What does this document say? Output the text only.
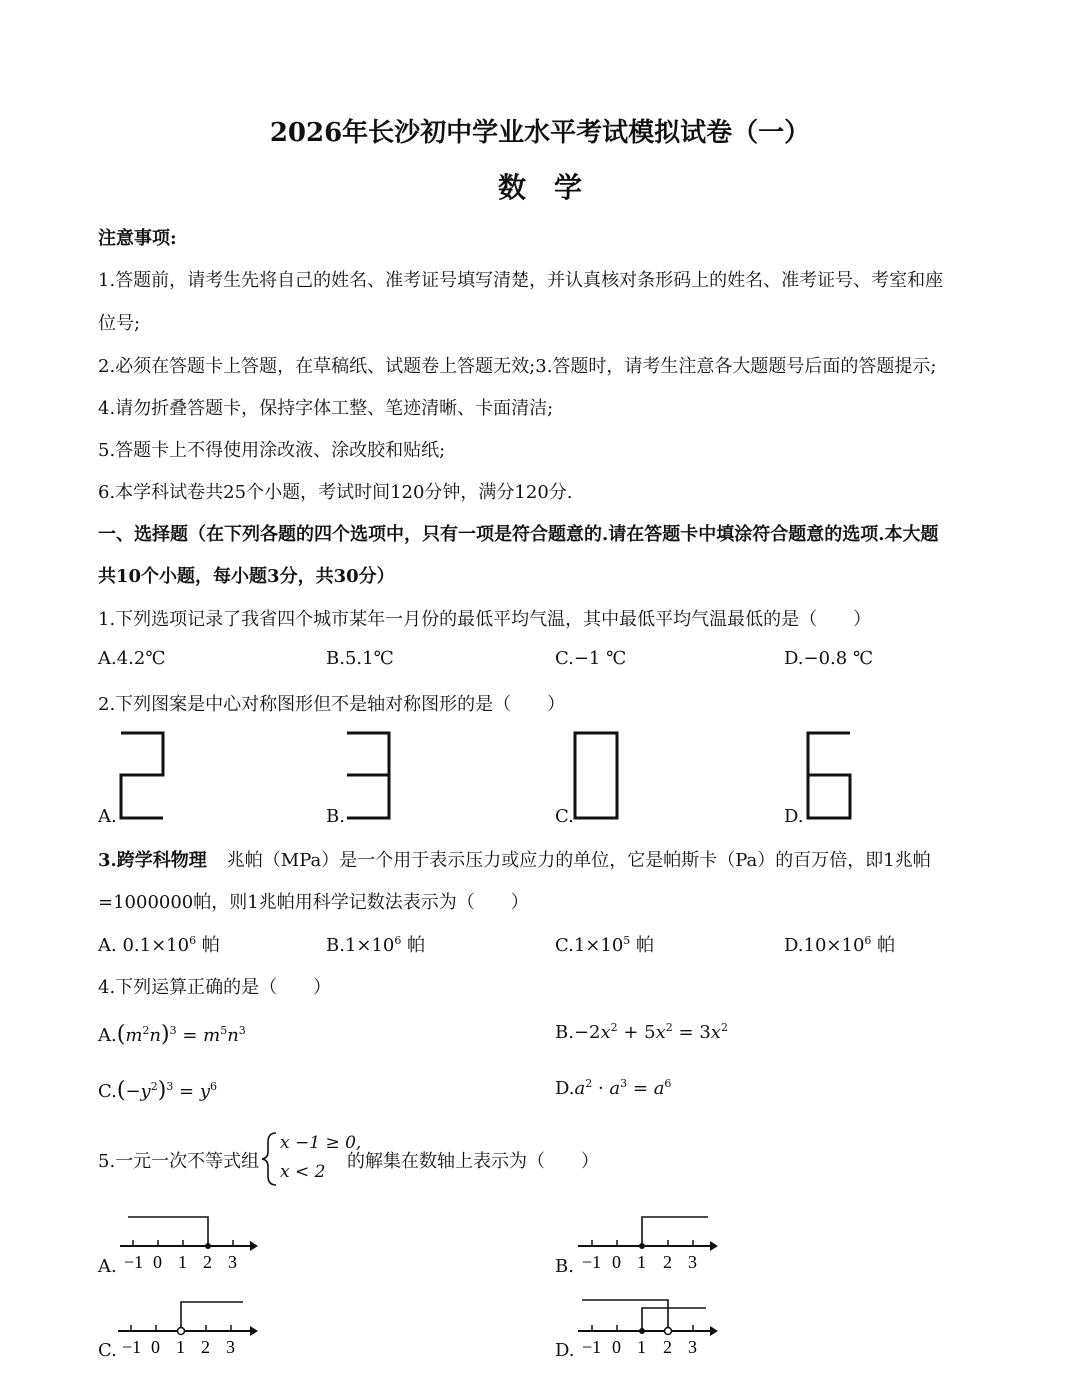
2026年长沙初中学业水平考试模拟试卷（一）
数　学
注意事项:
1.答题前，请考生先将自己的姓名、准考证号填写清楚，并认真核对条形码上的姓名、准考证号、考室和座
位号;
2.必须在答题卡上答题，在草稿纸、试题卷上答题无效;3.答题时，请考生注意各大题题号后面的答题提示;
4.请勿折叠答题卡，保持字体工整、笔迹清晰、卡面清洁;
5.答题卡上不得使用涂改液、涂改胶和贴纸;
6.本学科试卷共25个小题，考试时间120分钟，满分120分.
一、选择题（在下列各题的四个选项中，只有一项是符合题意的.请在答题卡中填涂符合题意的选项.本大题
共10个小题，每小题3分，共30分）
1.下列选项记录了我省四个城市某年一月份的最低平均气温，其中最低平均气温最低的是（　　）
A.4.2℃	B.5.1℃	C.−1 ℃	D.−0.8 ℃
2.下列图案是中心对称图形但不是轴对称图形的是（　　）
A.	B.	C.	D.
3.跨学科物理 兆帕（MPa）是一个用于表示压力或应力的单位，它是帕斯卡（Pa）的百万倍，即1兆帕
=1000000帕，则1兆帕用科学记数法表示为（　　）
A. $0.1\times 10^6$ 帕	$B.1\times 10^6$ 帕	$C.1\times 10^5$ 帕	$D.10\times 10^6$ 帕
4.下列运算正确的是（　　）
$A.(m^2n)^3 = m^5n^3$	$B.-2x^2 + 5x^2 = 3x^2$
$C.(-y^2)^3 = y^6$	$D.a^2 \cdot a^3 = a^6$
5.一元一次不等式组
x −1 ≥ 0,
x < 2 的解集在数轴上表示为（　　）
A.	B.
C.	D.
−1 0 1 2 3	−1 0 1 2 3
−1 0 1 2 3	−1 0 1 2 3
